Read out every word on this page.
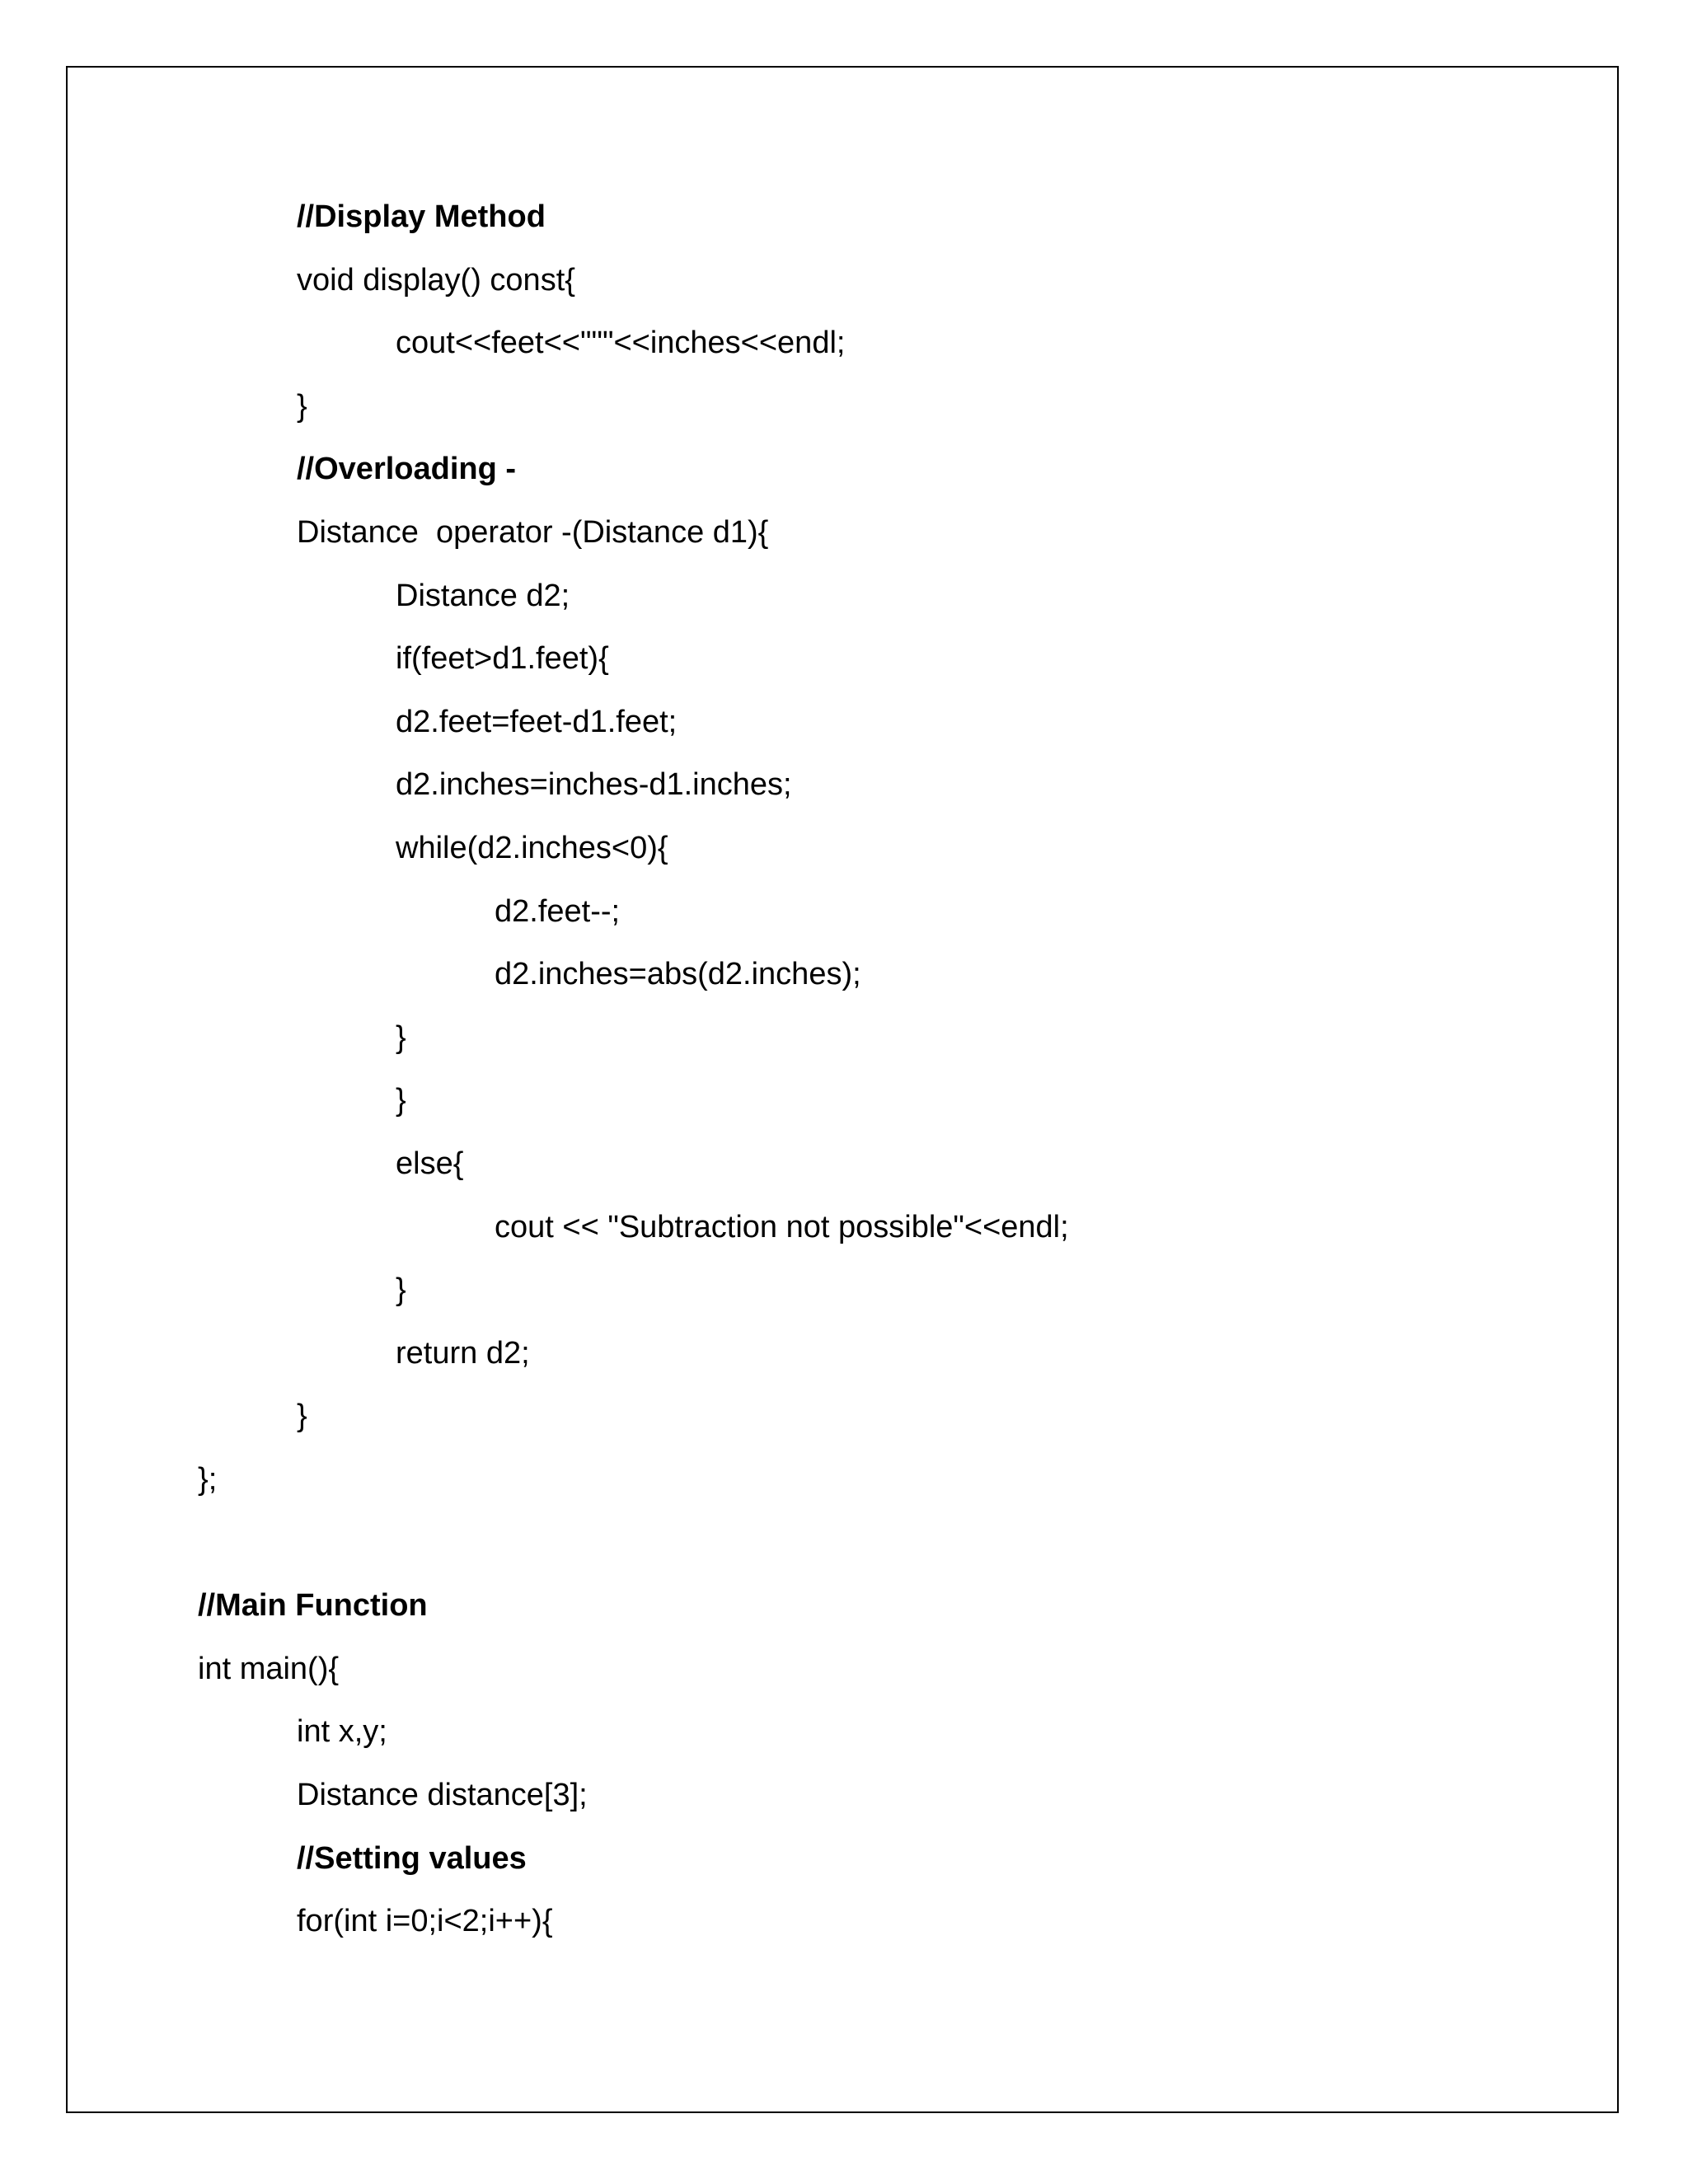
//Display Method
void display() const{
cout<<feet<<"""<<inches<<endl;
}
//Overloading -
Distance  operator -(Distance d1){
Distance d2;
if(feet>d1.feet){
d2.feet=feet-d1.feet;
d2.inches=inches-d1.inches;
while(d2.inches<0){
d2.feet--;
d2.inches=abs(d2.inches);
}
}
else{
cout << "Subtraction not possible"<<endl;
}
return d2;
}
};
//Main Function
int main(){
int x,y;
Distance distance[3];
//Setting values
for(int i=0;i<2;i++){
